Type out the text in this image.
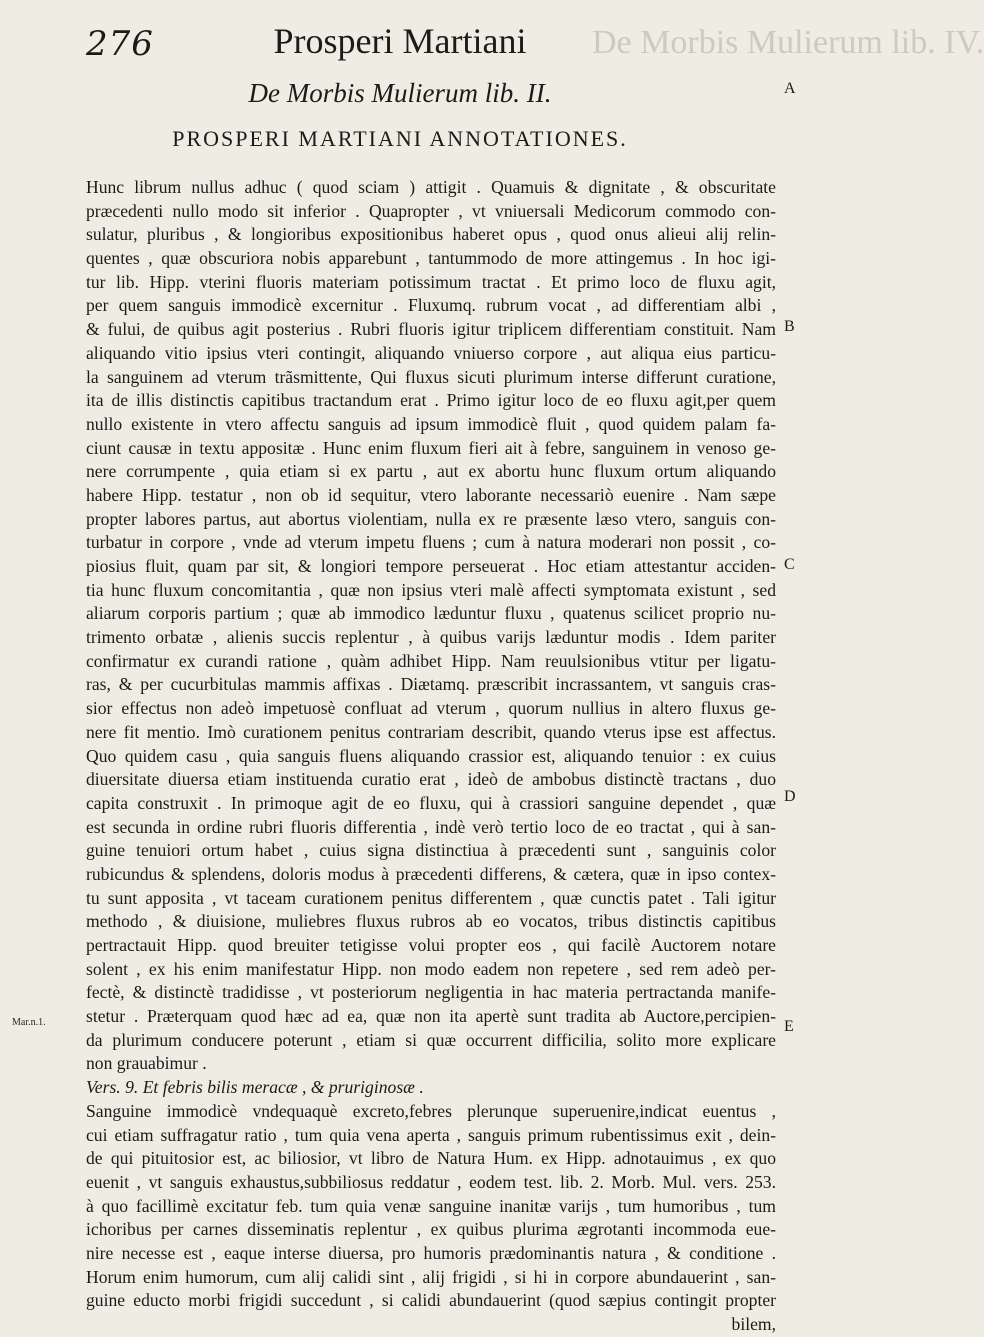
De Morbis Mulierum lib. IV.
276	Prosperi Martiani
De Morbis Mulierum lib. II.
PROSPERI MARTIANI ANNOTATIONES.
A
B
C
D
E
Mar.n.1.
Hunc librum nullus adhuc ( quod sciam ) attigit . Quamuis & dignitate , & obscuritate
præcedenti nullo modo sit inferior . Quapropter , vt vniuersali Medicorum commodo con-
sulatur, pluribus , & longioribus expositionibus haberet opus , quod onus alieui alij relin-
quentes , quæ obscuriora nobis apparebunt , tantummodo de more attingemus . In hoc igi-
tur lib. Hipp. vterini fluoris materiam potissimum tractat . Et primo loco de fluxu agit,
per quem sanguis immodicè excernitur . Fluxumq. rubrum vocat , ad differentiam albi ,
& fului, de quibus agit posterius . Rubri fluoris igitur triplicem differentiam constituit. Nam
aliquando vitio ipsius vteri contingit, aliquando vniuerso corpore , aut aliqua eius particu-
la sanguinem ad vterum trãsmittente, Qui fluxus sicuti plurimum interse differunt curatione,
ita de illis distinctis capitibus tractandum erat . Primo igitur loco de eo fluxu agit,per quem
nullo existente in vtero affectu sanguis ad ipsum immodicè fluit , quod quidem palam fa-
ciunt causæ in textu appositæ . Hunc enim fluxum fieri ait à febre, sanguinem in venoso ge-
nere corrumpente , quia etiam si ex partu , aut ex abortu hunc fluxum ortum aliquando
habere Hipp. testatur , non ob id sequitur, vtero laborante necessariò euenire . Nam sæpe
propter labores partus, aut abortus violentiam, nulla ex re præsente læso vtero, sanguis con-
turbatur in corpore , vnde ad vterum impetu fluens ; cum à natura moderari non possit , co-
piosius fluit, quam par sit, & longiori tempore perseuerat . Hoc etiam attestantur acciden-
tia hunc fluxum concomitantia , quæ non ipsius vteri malè affecti symptomata existunt , sed
aliarum corporis partium ; quæ ab immodico læduntur fluxu , quatenus scilicet proprio nu-
trimento orbatæ , alienis succis replentur , à quibus varijs læduntur modis . Idem pariter
confirmatur ex curandi ratione , quàm adhibet Hipp. Nam reuulsionibus vtitur per ligatu-
ras, & per cucurbitulas mammis affixas . Diætamq. præscribit incrassantem, vt sanguis cras-
sior effectus non adeò impetuosè confluat ad vterum , quorum nullius in altero fluxus ge-
nere fit mentio. Imò curationem penitus contrariam describit, quando vterus ipse est affectus.
Quo quidem casu , quia sanguis fluens aliquando crassior est, aliquando tenuior : ex cuius
diuersitate diuersa etiam instituenda curatio erat , ideò de ambobus distinctè tractans , duo
capita construxit . In primoque agit de eo fluxu, qui à crassiori sanguine dependet , quæ
est secunda in ordine rubri fluoris differentia , indè verò tertio loco de eo tractat , qui à san-
guine tenuiori ortum habet , cuius signa distinctiua à præcedenti sunt , sanguinis color
rubicundus & splendens, doloris modus à præcedenti differens, & cætera, quæ in ipso contex-
tu sunt apposita , vt taceam curationem penitus differentem , quæ cunctis patet . Tali igitur
methodo , & diuisione, muliebres fluxus rubros ab eo vocatos, tribus distinctis capitibus
pertractauit Hipp. quod breuiter tetigisse volui propter eos , qui facilè Auctorem notare
solent , ex his enim manifestatur Hipp. non modo eadem non repetere , sed rem adeò per-
fectè, & distinctè tradidisse , vt posteriorum negligentia in hac materia pertractanda manife-
stetur . Præterquam quod hæc ad ea, quæ non ita apertè sunt tradita ab Auctore,percipien-
da plurimum conducere poterunt , etiam si quæ occurrent difficilia, solito more explicare
non grauabimur .
Vers. 9. Et febris bilis meracæ , & pruriginosæ .
Sanguine immodicè vndequaquè excreto,febres plerunque superuenire,indicat euentus ,
cui etiam suffragatur ratio , tum quia vena aperta , sanguis primum rubentissimus exit , dein-
de qui pituitosior est, ac biliosior, vt libro de Natura Hum. ex Hipp. adnotauimus , ex quo
euenit , vt sanguis exhaustus,subbiliosus reddatur , eodem test. lib. 2. Morb. Mul. vers. 253.
à quo facillimè excitatur feb. tum quia venæ sanguine inanitæ varijs , tum humoribus , tum
ichoribus per carnes disseminatis replentur , ex quibus plurima ægrotanti incommoda eue-
nire necesse est , eaque interse diuersa, pro humoris prædominantis natura , & conditione .
Horum enim humorum, cum alij calidi sint , alij frigidi , si hi in corpore abundauerint , san-
guine educto morbi frigidi succedunt , si calidi abundauerint (quod sæpius contingit propter
bilem,
